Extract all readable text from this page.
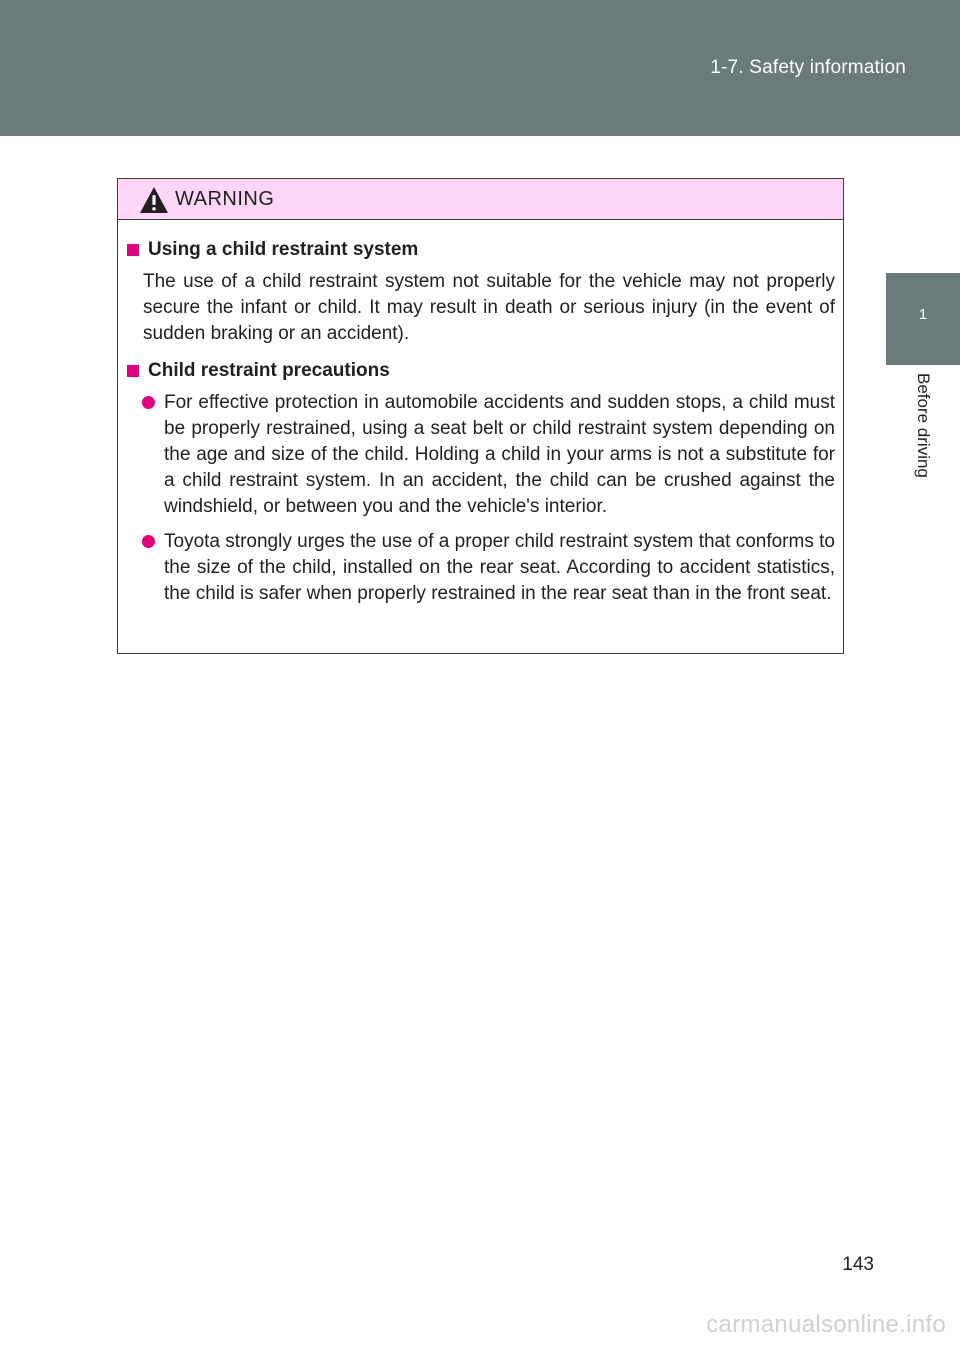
1-7. Safety information
1
Before driving
WARNING
Using a child restraint system

The use of a child restraint system not suitable for the vehicle may not properly secure the infant or child. It may result in death or serious injury (in the event of sudden braking or an accident).

Child restraint precautions
For effective protection in automobile accidents and sudden stops, a child must be properly restrained, using a seat belt or child restraint system depending on the age and size of the child. Holding a child in your arms is not a substitute for a child restraint system. In an accident, the child can be crushed against the windshield, or between you and the vehicle's interior.
Toyota strongly urges the use of a proper child restraint system that conforms to the size of the child, installed on the rear seat. According to accident statistics, the child is safer when properly restrained in the rear seat than in the front seat.
143
carmanualsonline.info
